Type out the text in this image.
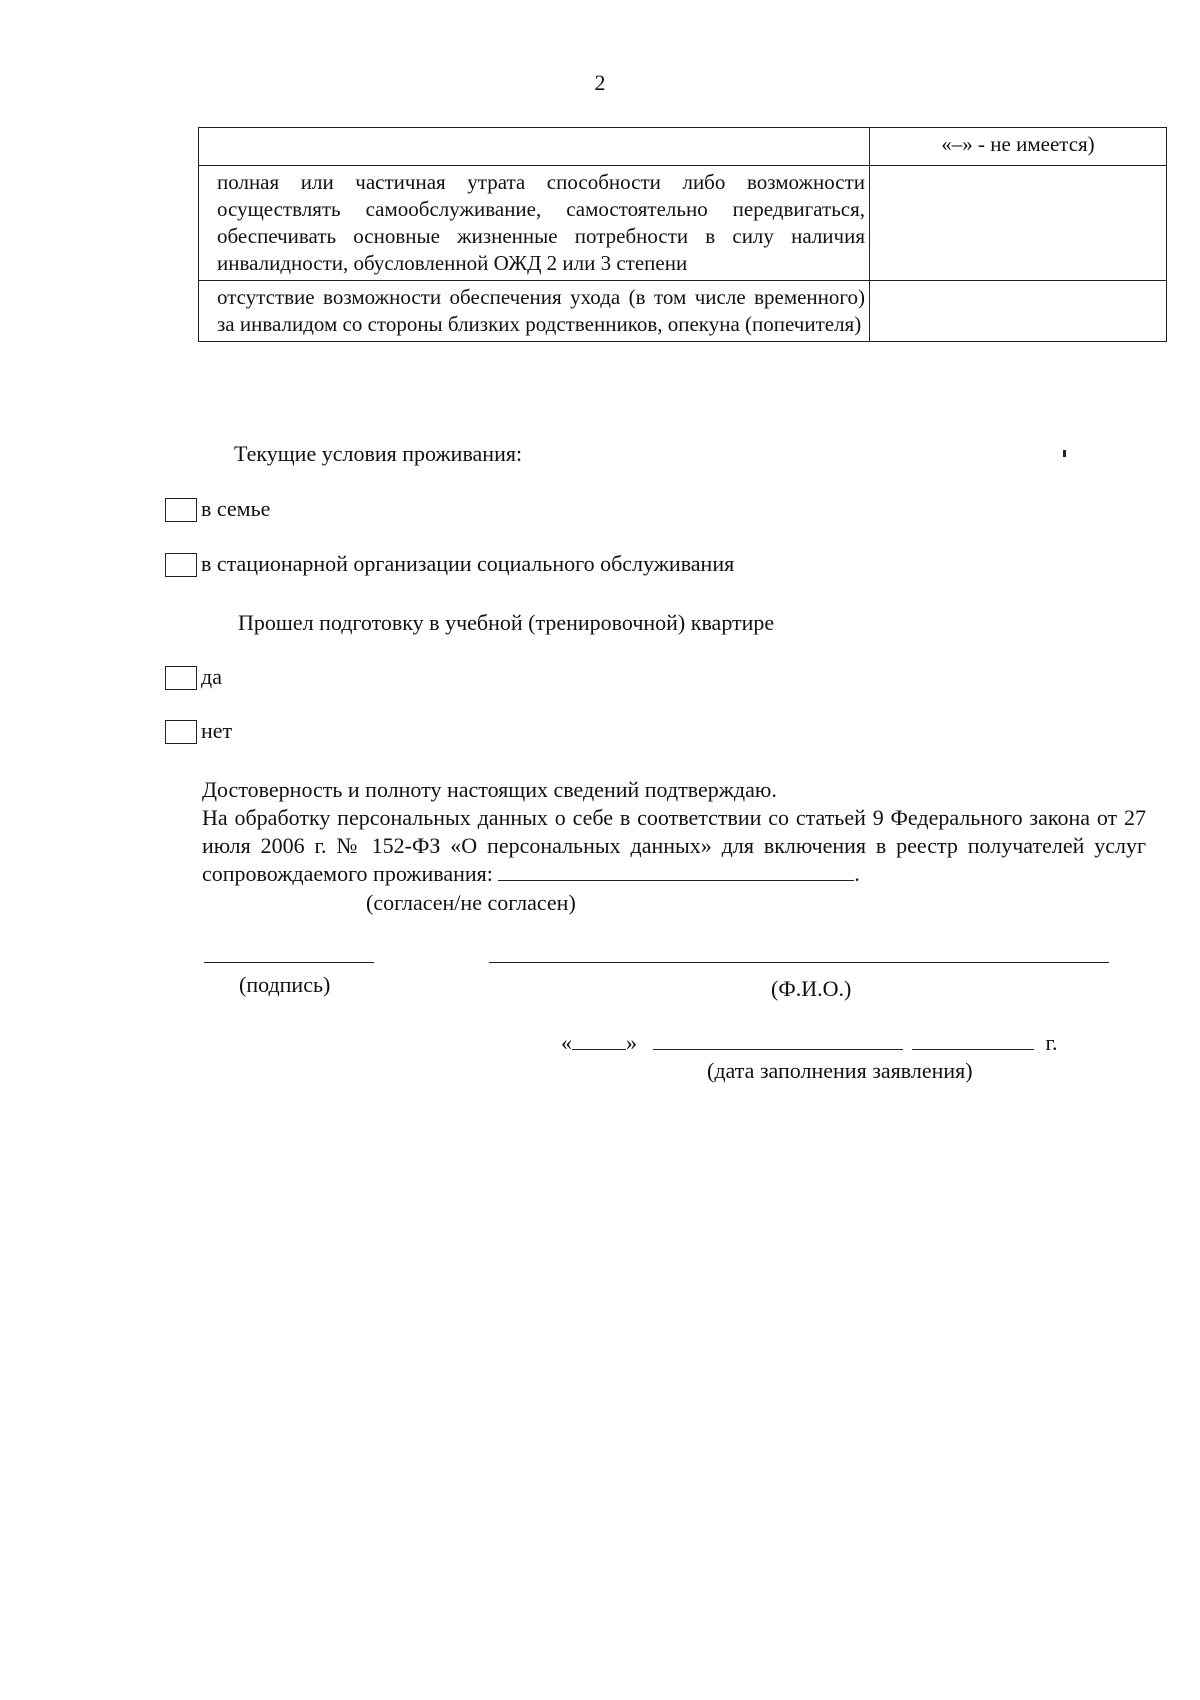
2
	«–» - не имеется)
полная или частичная утрата способности либо возможности осуществлять самообслуживание, самостоятельно передвигаться, обеспечивать основные жизненные потребности в силу наличия инвалидности, обусловленной ОЖД 2 или 3 степени	
отсутствие возможности обеспечения ухода (в том числе временного) за инвалидом со стороны близких родственников, опекуна (попечителя)	
Текущие условия проживания:
в семье
в стационарной организации социального обслуживания
Прошел подготовку в учебной (тренировочной) квартире
да
нет

Достоверность и полноту настоящих сведений подтверждаю.

На обработку персональных данных о себе в соответствии со статьей 9 Федерального закона от 27 июля 2006 г. № 152-ФЗ «О персональных данных» для включения в реестр получателей услуг сопровождаемого проживания:	.

(согласен/не согласен)
(подпись)	(Ф.И.О.)
« »	г.
(дата заполнения заявления)
